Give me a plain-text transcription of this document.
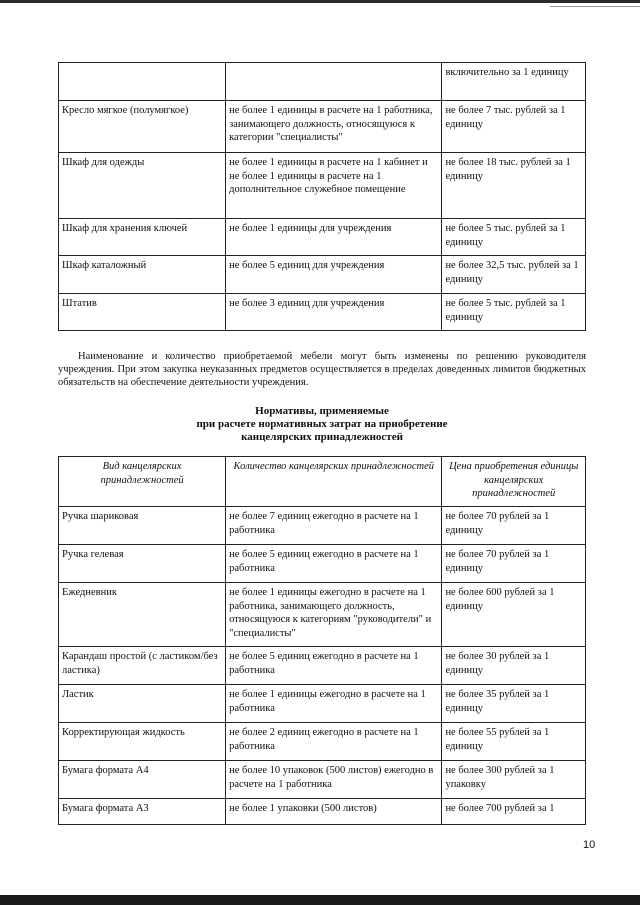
		включительно за 1 единицу
Кресло мягкое (полумягкое)	не более 1 единицы в расчете на 1 работника, занимающего должность, относящуюся к категории "специалисты"	не более 7 тыс. рублей за 1 единицу
Шкаф для одежды	не более 1 единицы в расчете на 1 кабинет и не более 1 единицы в расчете на 1 дополнительное служебное помещение	не более 18 тыс. рублей за 1 единицу
Шкаф для хранения ключей	не более 1 единицы для учреждения	не более 5 тыс. рублей за 1 единицу
Шкаф каталожный	не более 5 единиц для учреждения	не более 32,5 тыс. рублей за 1 единицу
Штатив	не более 3 единиц для учреждения	не более 5 тыс. рублей за 1 единицу

Наименование и количество приобретаемой мебели могут быть изменены по решению руководителя учреждения. При этом закупка неуказанных предметов осуществляется в пределах доведенных лимитов бюджетных обязательств на обеспечение деятельности учреждения.

Нормативы, применяемые
при расчете нормативных затрат на приобретение
канцелярских принадлежностей
Вид канцелярских принадлежностей	Количество канцелярских принадлежностей	Цена приобретения единицы канцелярских принадлежностей
Ручка шариковая	не более 7 единиц ежегодно в расчете на 1 работника	не более 70 рублей за 1 единицу
Ручка гелевая	не более 5 единиц ежегодно в расчете на 1 работника	не более 70 рублей за 1 единицу
Ежедневник	не более 1 единицы ежегодно в расчете на 1 работника, занимающего должность, относящуюся к категориям "руководители" и "специалисты"	не более 600 рублей за 1 единицу
Карандаш простой (с ластиком/без ластика)	не более 5 единиц ежегодно в расчете на 1 работника	не более 30 рублей за 1 единицу
Ластик	не более 1 единицы ежегодно в расчете на 1 работника	не более 35 рублей за 1 единицу
Корректирующая жидкость	не более 2 единиц ежегодно в расчете на 1 работника	не более 55 рублей за 1 единицу
Бумага формата А4	не более 10 упаковок (500 листов) ежегодно в расчете на 1 работника	не более 300 рублей за 1 упаковку
Бумага формата А3	не более 1 упаковки (500 листов)	не более 700 рублей за 1
10
